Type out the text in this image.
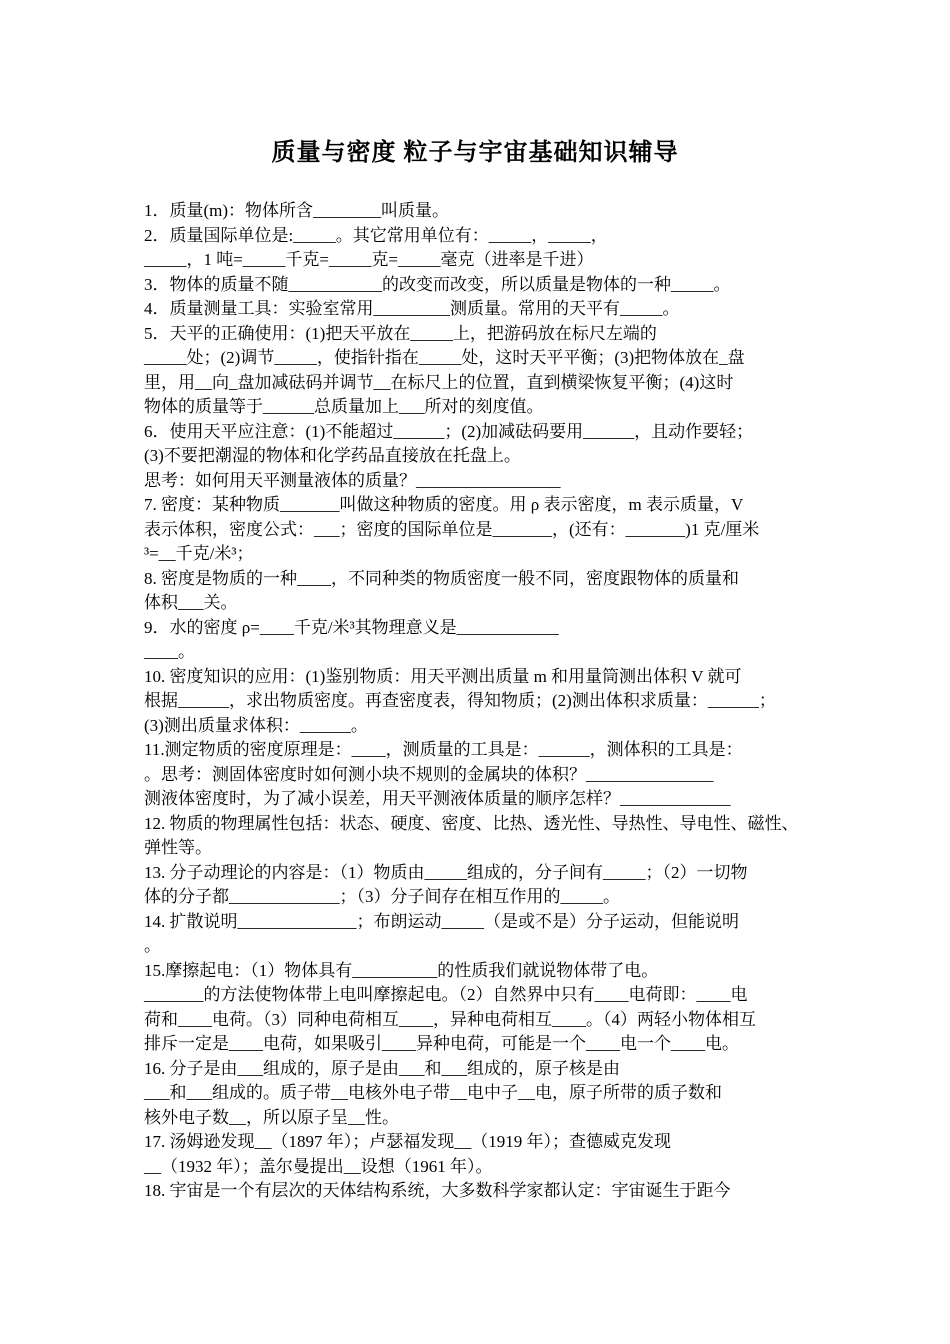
质量与密度 粒子与宇宙基础知识辅导
1．质量(m)：物体所含________叫质量。
2．质量国际单位是:_____。其它常用单位有：_____，_____，
_____，1 吨=_____千克=_____克=_____毫克（进率是千进）
3．物体的质量不随___________的改变而改变，所以质量是物体的一种_____。
4．质量测量工具：实验室常用_________测质量。常用的天平有_____。
5．天平的正确使用：(1)把天平放在_____上，把游码放在标尺左端的
_____处；(2)调节_____，使指针指在_____处，这时天平平衡；(3)把物体放在_盘
里，用__向_盘加减砝码并调节__在标尺上的位置，直到横梁恢复平衡；(4)这时
物体的质量等于______总质量加上___所对的刻度值。
6．使用天平应注意：(1)不能超过______；(2)加减砝码要用______，且动作要轻；
(3)不要把潮湿的物体和化学药品直接放在托盘上。
思考：如何用天平测量液体的质量？_________________
7. 密度：某种物质_______叫做这种物质的密度。用 ρ 表示密度，m 表示质量，V
表示体积，密度公式：___；密度的国际单位是_______，(还有：_______)1 克/厘米
³=__千克/米³；
8. 密度是物质的一种____，不同种类的物质密度一般不同，密度跟物体的质量和
体积___关。
9．水的密度 ρ=____千克/米³其物理意义是____________
____。
10. 密度知识的应用：(1)鉴别物质：用天平测出质量 m 和用量筒测出体积 V 就可
根据______，求出物质密度。再查密度表，得知物质；(2)测出体积求质量：______；
(3)测出质量求体积：______。
11.测定物质的密度原理是：____，测质量的工具是：______，测体积的工具是：
。思考：测固体密度时如何测小块不规则的金属块的体积？_______________
测液体密度时，为了减小误差，用天平测液体质量的顺序怎样？_____________
12. 物质的物理属性包括：状态、硬度、密度、比热、透光性、导热性、导电性、磁性、
弹性等。
13. 分子动理论的内容是：（1）物质由_____组成的，分子间有_____；（2）一切物
体的分子都_____________；（3）分子间存在相互作用的_____。
14. 扩散说明______________；布朗运动_____（是或不是）分子运动，但能说明
。
15.摩擦起电：（1）物体具有__________的性质我们就说物体带了电。
_______的方法使物体带上电叫摩擦起电。（2）自然界中只有____电荷即：____电
荷和____电荷。（3）同种电荷相互____，异种电荷相互____。（4）两轻小物体相互
排斥一定是____电荷，如果吸引____异种电荷，可能是一个____电一个____电。
16. 分子是由___组成的，原子是由___和___组成的，原子核是由
___和___组成的。质子带__电核外电子带__电中子__电，原子所带的质子数和
核外电子数__，所以原子呈__性。
17. 汤姆逊发现__（1897 年）；卢瑟福发现__（1919 年）；查德威克发现
__（1932 年）；盖尔曼提出__设想（1961 年）。
18. 宇宙是一个有层次的天体结构系统，大多数科学家都认定：宇宙诞生于距今
